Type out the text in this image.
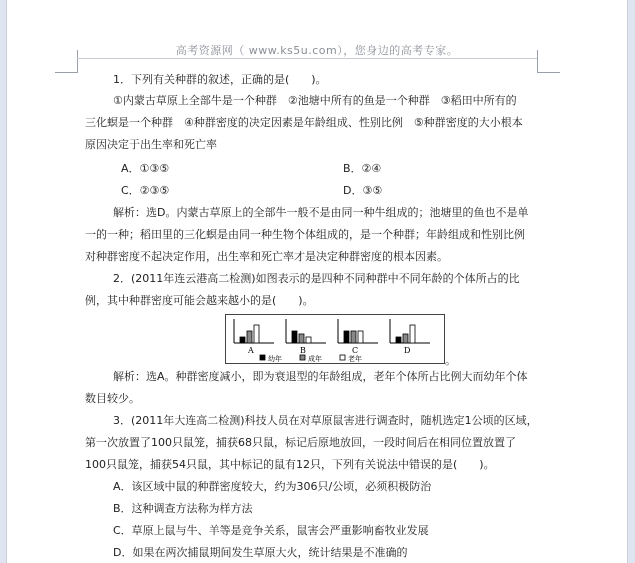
高考资源网（ www.ks5u.com），您身边的高考专家。
1．下列有关种群的叙述，正确的是(　　)。
①内蒙古草原上全部牛是一个种群　②池塘中所有的鱼是一个种群　③稻田中所有的
三化螟是一个种群　④种群密度的决定因素是年龄组成、性别比例　⑤种群密度的大小根本
原因决定于出生率和死亡率
A．①③⑤	B．②④
C．②③⑤	D．③⑤
解析：选D。内蒙古草原上的全部牛一般不是由同一种牛组成的；池塘里的鱼也不是单
一的一种；稻田里的三化螟是由同一种生物个体组成的，是一个种群；年龄组成和性别比例
对种群密度不起决定作用，出生率和死亡率才是决定种群密度的根本因素。
2．(2011年连云港高二检测)如图表示的是四种不同种群中不同年龄的个体所占的比
例，其中种群密度可能会越来越小的是(　　)。
A	B	C	D
幼年	成年	老年	。
解析：选A。种群密度减小，即为衰退型的年龄组成，老年个体所占比例大而幼年个体
数目较少。
3．(2011年大连高二检测)科技人员在对草原鼠害进行调查时，随机选定1公顷的区域，
第一次放置了100只鼠笼，捕获68只鼠，标记后原地放回，一段时间后在相同位置放置了
100只鼠笼，捕获54只鼠，其中标记的鼠有12只，下列有关说法中错误的是(　　)。
A．该区域中鼠的种群密度较大，约为306只/公顷，必须积极防治
B．这种调查方法称为样方法
C．草原上鼠与牛、羊等是竞争关系，鼠害会严重影响畜牧业发展
D．如果在两次捕鼠期间发生草原大火，统计结果是不准确的
